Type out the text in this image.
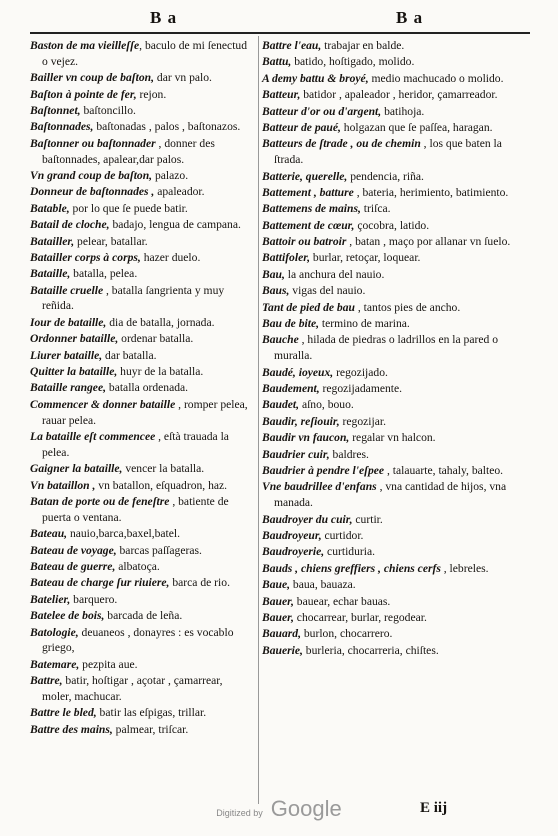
B a	B a
Baston de ma vieilleſſe, baculo de mi ſenectud o vejez.
Bailler vn coup de baſton, dar vn palo.
Baſton à pointe de fer, rejon.
Baſtonnet, baſtoncillo.
Baſtonnades, baſtonadas , palos , baſtonazos.
Baſtonner ou baſtonnader , donner des baſtonnades, apalear,dar palos.
Vn grand coup de baſton, palazo.
Donneur de baſtonnades , apaleador.
Batable, por lo que ſe puede batir.
Batail de cloche, badajo, lengua de campana.
Batailler, pelear, batallar.
Batailler corps à corps, hazer duelo.
Bataille, batalla, pelea.
Bataille cruelle , batalla ſangrienta y muy reñida.
Iour de bataille, dia de batalla, jornada.
Ordonner bataille, ordenar batalla.
Liurer bataille, dar batalla.
Quitter la bataille, huyr de la batalla.
Bataille rangee, batalla ordenada.
Commencer & donner bataille , romper pelea, rauar pelea.
La bataille eſt commencee , eſtà trauada la pelea.
Gaigner la bataille, vencer la batalla.
Vn bataillon , vn batallon, eſquadron, haz.
Batan de porte ou de feneſtre , batiente de puerta o ventana.
Bateau, nauio,barca,baxel,batel.
Bateau de voyage, barcas paſſageras.
Bateau de guerre, albatoça.
Bateau de charge ſur riuiere, barca de rio.
Batelier, barquero.
Batelee de bois, barcada de leña.
Batologie, deuaneos , donayres : es vocablo griego,
Batemare, pezpita aue.
Battre, batir, hoſtigar , açotar , çamarrear, moler, machucar.
Battre le bled, batir las eſpigas, trillar.
Battre des mains, palmear, triſcar.
Battre l'eau, trabajar en balde.
Battu, batido, hoſtigado, molido.
A demy battu & broyé, medio machucado o molido.
Batteur, batidor , apaleador , heridor, çamarreador.
Batteur d'or ou d'argent, batihoja.
Batteur de paué, holgazan que ſe paſſea, haragan.
Batteurs de ſtrade , ou de chemin , los que baten la ſtrada.
Batterie, querelle, pendencia, riña.
Battement , batture , bateria, herimiento, batimiento.
Battemens de mains, triſca.
Battement de cœur, çocobra, latido.
Battoir ou batroir , batan , maço por allanar vn ſuelo.
Battifoler, burlar, retoçar, loquear.
Bau, la anchura del nauio.
Baus, vigas del nauio.
Tant de pied de bau , tantos pies de ancho.
Bau de bite, termino de marina.
Bauche , hilada de piedras o ladrillos en la pared o muralla.
Baudé, ioyeux, regozijado.
Baudement, regozijadamente.
Baudet, aſno, bouo.
Baudir, reſiouir, regozijar.
Baudir vn faucon, regalar vn halcon.
Baudrier cuir, baldres.
Baudrier à pendre l'eſpee , talauarte, tahaly, balteo.
Vne baudrillee d'enfans , vna cantidad de hijos, vna manada.
Baudroyer du cuir, curtir.
Baudroyeur, curtidor.
Baudroyerie, curtiduria.
Bauds , chiens greffiers , chiens cerfs , lebreles.
Baue, baua, bauaza.
Bauer, bauear, echar bauas.
Bauer, chocarrear, burlar, regodear.
Bauard, burlon, chocarrero.
Bauerie, burleria, chocarreria, chiſtes.
E iij
Digitized by Google
